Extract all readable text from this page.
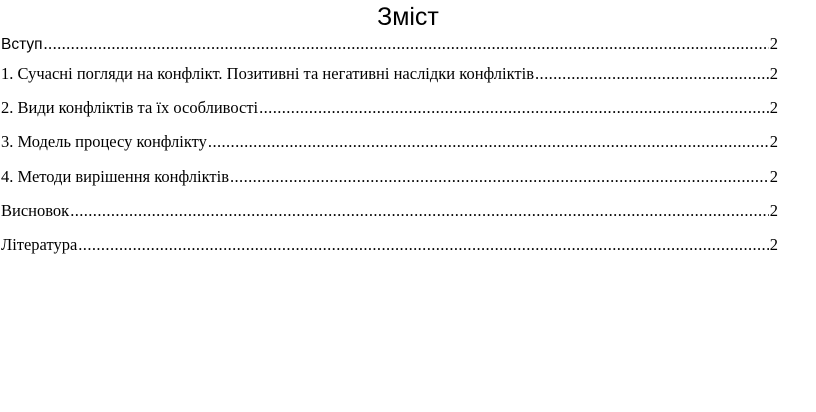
Зміст
Вступ .....	2
1. Сучасні погляди на конфлікт. Позитивні та негативні наслідки конфліктів .....	2
2. Види конфліктів та їх особливості .....	2
3. Модель процесу конфлікту .....	2
4. Методи вирішення конфліктів .....	2
Висновок .....	2
Література .....	2
